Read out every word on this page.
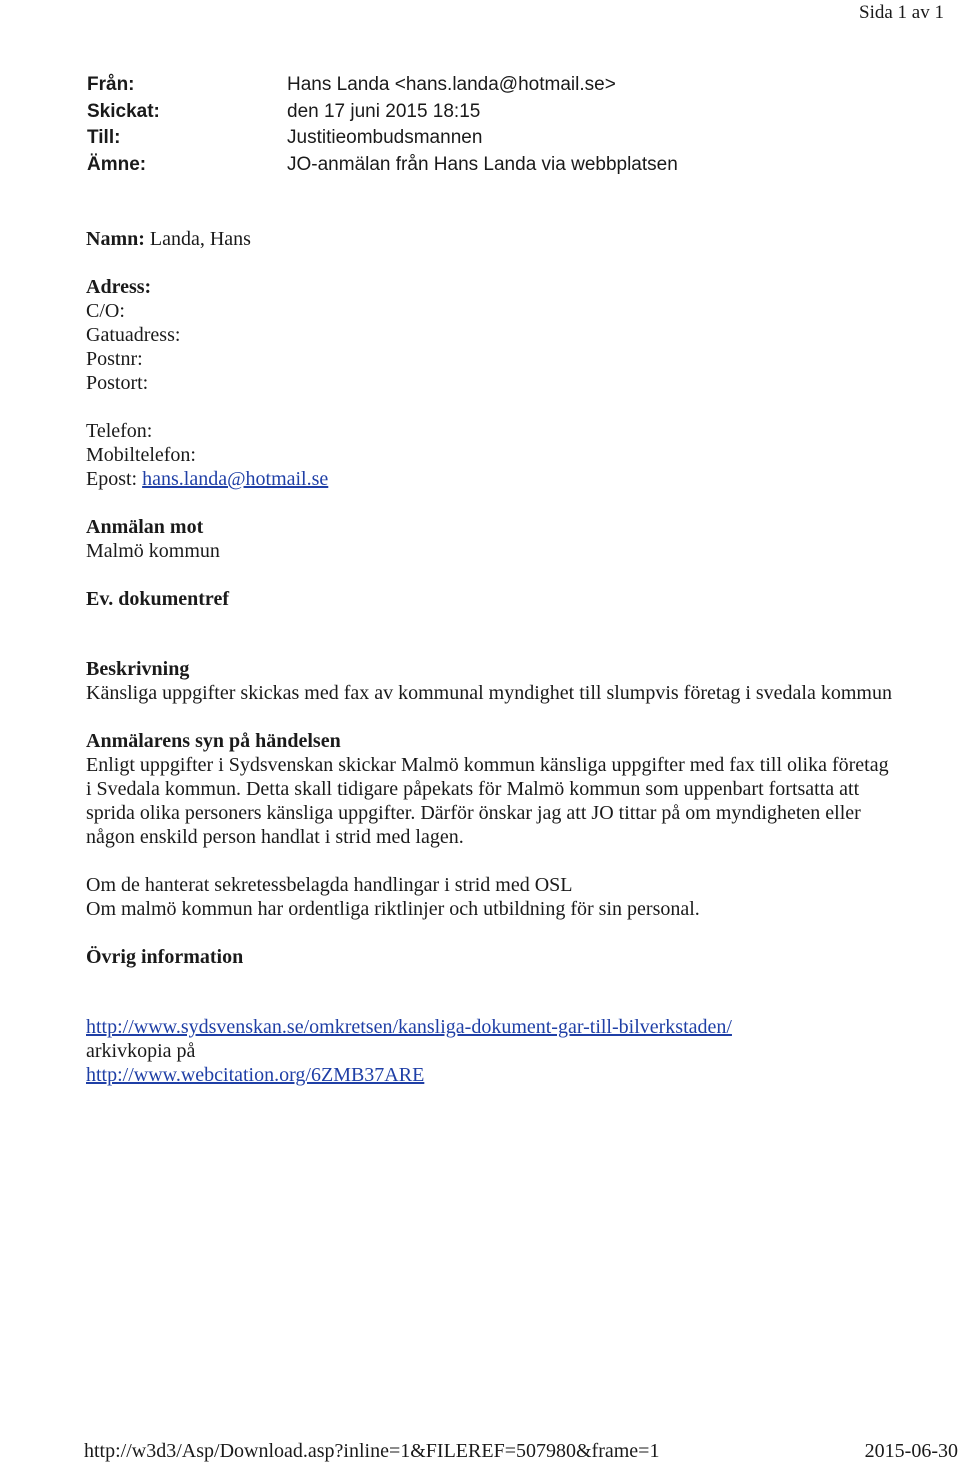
Sida 1 av 1
Från:	Hans Landa <hans.landa@hotmail.se>
Skickat:	den 17 juni 2015 18:15
Till:	Justitieombudsmannen
Ämne:	JO-anmälan från Hans Landa via webbplatsen
Namn: Landa, Hans
Adress:
C/O:
Gatuadress:
Postnr:
Postort:
Telefon:
Mobiltelefon:
Epost: hans.landa@hotmail.se
Anmälan mot
Malmö kommun
Ev. dokumentref
Beskrivning
Känsliga uppgifter skickas med fax av kommunal myndighet till slumpvis företag i svedala kommun
Anmälarens syn på händelsen
Enligt uppgifter i Sydsvenskan skickar Malmö kommun känsliga uppgifter med fax till olika företag
i Svedala kommun. Detta skall tidigare påpekats för Malmö kommun som uppenbart fortsatta att
sprida olika personers känsliga uppgifter. Därför önskar jag att JO tittar på om myndigheten eller
någon enskild person handlat i strid med lagen.
Om de hanterat sekretessbelagda handlingar i strid med OSL
Om malmö kommun har ordentliga riktlinjer och utbildning för sin personal.
Övrig information
http://www.sydsvenskan.se/omkretsen/kansliga-dokument-gar-till-bilverkstaden/
arkivkopia på
http://www.webcitation.org/6ZMB37ARE
http://w3d3/Asp/Download.asp?inline=1&FILEREF=507980&frame=1	2015-06-30
